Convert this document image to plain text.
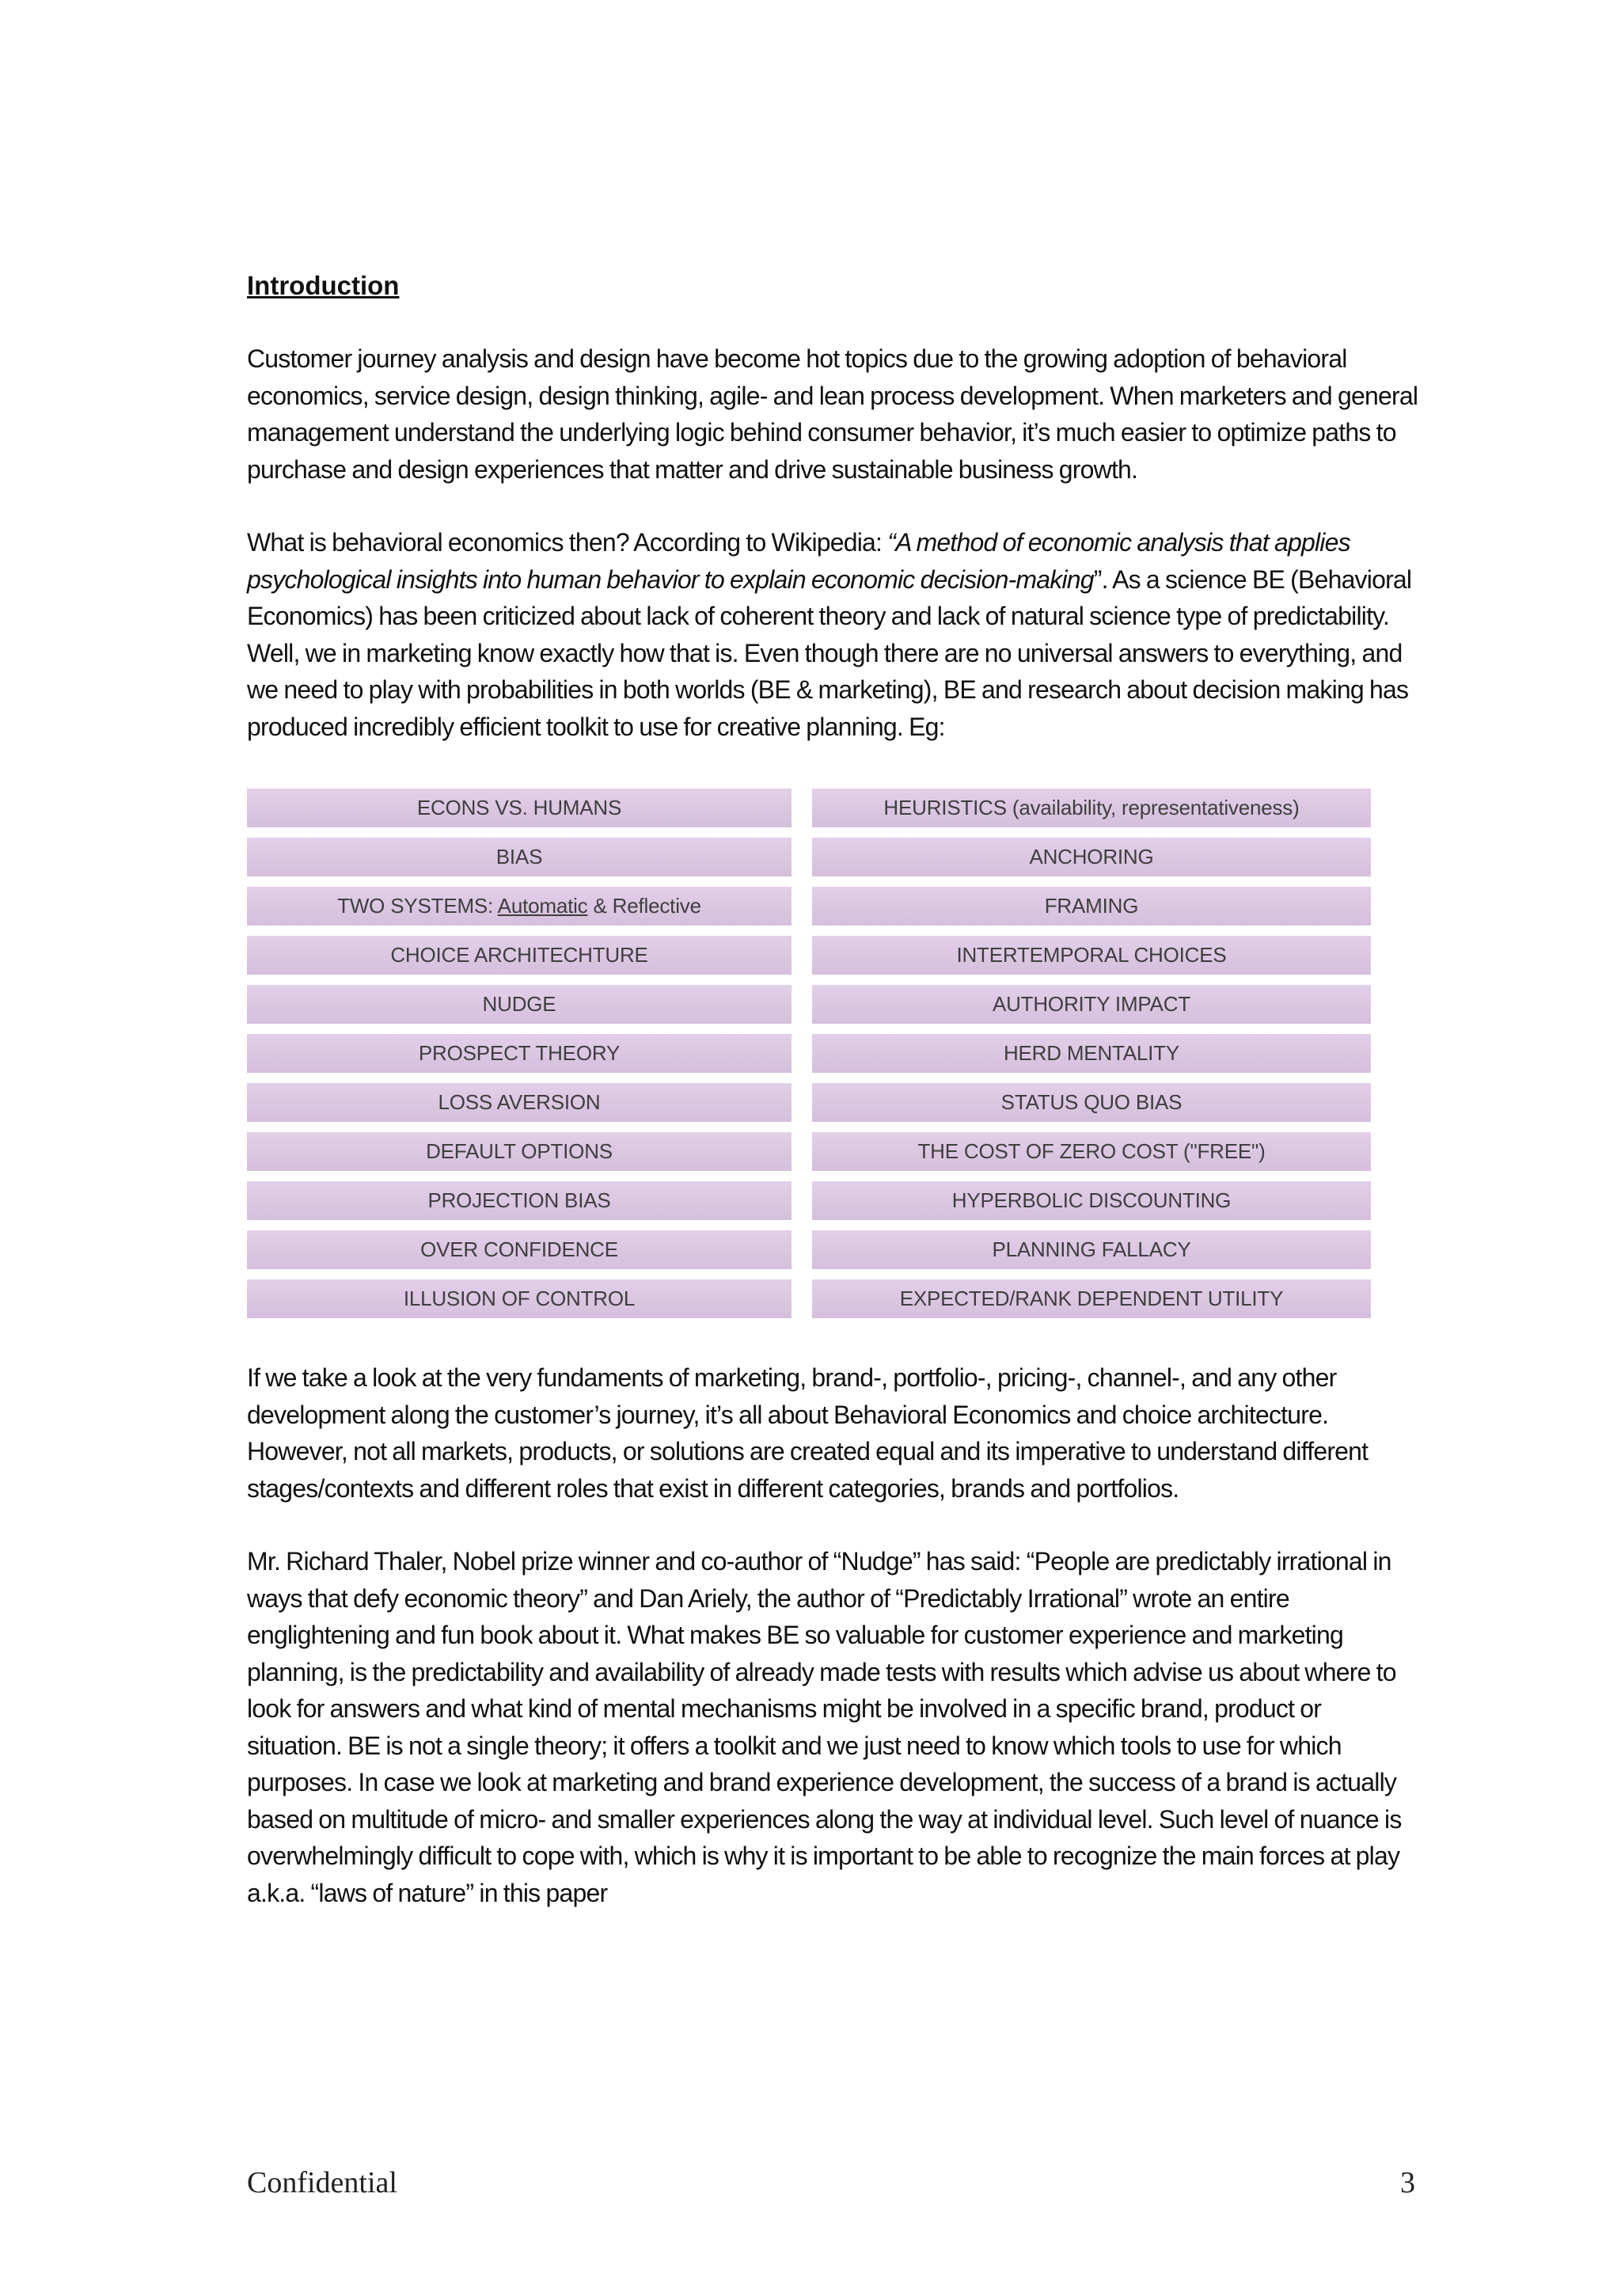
Introduction

Customer journey analysis and design have become hot topics due to the growing adoption of behavioral economics, service design, design thinking, agile- and lean process development. When marketers and general management understand the underlying logic behind consumer behavior, it’s much easier to optimize paths to purchase and design experiences that matter and drive sustainable business growth.

What is behavioral economics then? According to Wikipedia: “A method of economic analysis that applies psychological insights into human behavior to explain economic decision-making”. As a science BE (Behavioral Economics) has been criticized about lack of coherent theory and lack of natural science type of predictability. Well, we in marketing know exactly how that is. Even though there are no universal answers to everything, and we need to play with probabilities in both worlds (BE & marketing), BE and research about decision making has produced incredibly efficient toolkit to use for creative planning. Eg:

ECONS VS. HUMANS
BIAS
TWO SYSTEMS: Automatic & Reflective
CHOICE ARCHITECHTURE
NUDGE
PROSPECT THEORY
LOSS AVERSION
DEFAULT OPTIONS
PROJECTION BIAS
OVER CONFIDENCE
ILLUSION OF CONTROL
HEURISTICS (availability, representativeness)
ANCHORING
FRAMING
INTERTEMPORAL CHOICES
AUTHORITY IMPACT
HERD MENTALITY
STATUS QUO BIAS
THE COST OF ZERO COST ("FREE")
HYPERBOLIC DISCOUNTING
PLANNING FALLACY
EXPECTED/RANK DEPENDENT UTILITY

If we take a look at the very fundaments of marketing, brand-, portfolio-, pricing-, channel-, and any other development along the customer’s journey, it’s all about Behavioral Economics and choice architecture. However, not all markets, products, or solutions are created equal and its imperative to understand different stages/contexts and different roles that exist in different categories, brands and portfolios.

Mr. Richard Thaler, Nobel prize winner and co-author of “Nudge” has said: “People are predictably irrational in ways that defy economic theory” and Dan Ariely, the author of “Predictably Irrational” wrote an entire englightening and fun book about it. What makes BE so valuable for customer experience and marketing planning, is the predictability and availability of already made tests with results which advise us about where to look for answers and what kind of mental mechanisms might be involved in a specific brand, product or situation. BE is not a single theory; it offers a toolkit and we just need to know which tools to use for which purposes. In case we look at marketing and brand experience development, the success of a brand is actually based on multitude of micro- and smaller experiences along the way at individual level. Such level of nuance is overwhelmingly difficult to cope with, which is why it is important to be able to recognize the main forces at play a.k.a. “laws of nature” in this paper

Confidential	3
